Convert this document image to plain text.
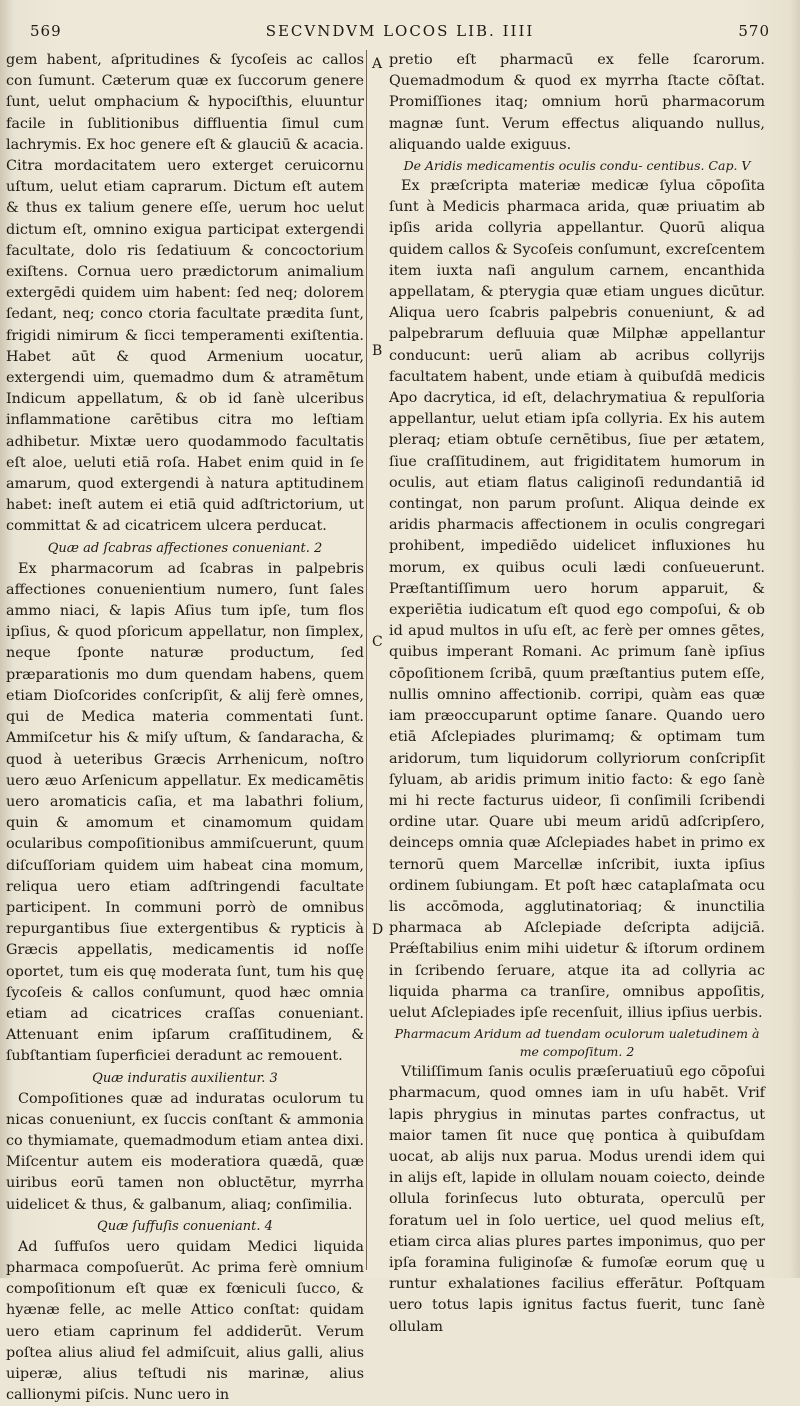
569	SECVNDVM LOCOS LIB. IIII	570

gem habent, aſpritudines & ſycoſeis ac callos con ſumunt. Cæterum quæ ex ſuccorum genere ſunt, uelut omphacium & hypociſthis, eluuntur facile in ſublitionibus diffluentia ſimul cum lachrymis. Ex hoc genere eſt & glauciū & acacia. Citra mordacitatem uero exterget ceruicornu uſtum, uelut etiam caprarum. Dictum eſt autem & thus ex talium genere eſſe, uerum hoc uelut dictum eſt, omnino exigua participat extergendi facultate, dolo ris ſedatiuum & concoctorium exiſtens. Cornua uero prædictorum animalium extergēdi quidem uim habent: ſed neq; dolorem ſedant, neq; conco ctoria facultate prædita ſunt, frigidi nimirum & ſicci temperamenti exiſtentia. Habet aūt & quod Armenium uocatur, extergendi uim, quemadmo dum & atramētum Indicum appellatum, & ob id ſanè ulceribus inflammatione carētibus citra mo leſtiam adhibetur. Mixtæ uero quodammodo facultatis eſt aloe, ueluti etiā roſa. Habet enim quid in ſe amarum, quod extergendi à natura aptitudinem habet: ineſt autem ei etiā quid adſtrictorium, ut committat & ad cicatricem ulcera perducat.

Quæ ad ſcabras affectiones conueniant. 2

Ex pharmacorum ad ſcabras in palpebris affectiones conuenientium numero, ſunt ſales ammo niaci, & lapis Aſius tum ipſe, tum flos ipſius, & quod pſoricum appellatur, non ſimplex, neque ſponte naturæ productum, ſed præparationis mo dum quendam habens, quem etiam Dioſcorides conſcripſit, & alij ferè omnes, qui de Medica materia commentati ſunt. Ammiſcetur his & miſy uſtum, & ſandaracha, & quod à ueteribus Græcis Arrhenicum, noſtro uero æuo Arſenicum appellatur. Ex medicamētis uero aromaticis caſia, et ma labathri folium, quin & amomum et cinamomum quidam ocularibus compoſitionibus ammiſcuerunt, quum diſcuſſoriam quidem uim habeat cina momum, reliqua uero etiam adſtringendi facultate participent. In communi porrò de omnibus repurgantibus ſiue extergentibus & rypticis à Græcis appellatis, medicamentis id noſſe oportet, tum eis quę moderata ſunt, tum his quę ſycoſeis & callos conſumunt, quod hæc omnia etiam ad cicatrices craſſas conueniant. Attenuant enim ipſarum craſſitudinem, & ſubſtantiam ſuperficiei deradunt ac remouent.

Quæ induratis auxilientur. 3

Compoſitiones quæ ad induratas oculorum tu nicas conueniunt, ex ſuccis conſtant & ammonia co thymiamate, quemadmodum etiam antea dixi. Miſcentur autem eis moderatiora quædā, quæ uiribus eorū tamen non obluctētur, myrrha uidelicet & thus, & galbanum, aliaq; conſimilia.

Quæ ſuffuſis conueniant. 4

Ad ſuffuſos uero quidam Medici liquida pharmaca compoſuerūt. Ac prima ferè omnium compoſitionum eſt quæ ex fœniculi ſucco, & hyænæ felle, ac melle Attico conſtat: quidam uero etiam caprinum fel addiderūt. Verum poſtea alius aliud fel admiſcuit, alius galli, alius uiperæ, alius teſtudi nis marinæ, alius callionymi piſcis. Nunc uero in

A
B
C
D

pretio eſt pharmacū ex felle ſcarorum. Quemadmodum & quod ex myrrha ſtacte cōſtat. Promiſſiones itaq; omnium horū pharmacorum magnæ ſunt. Verum effectus aliquando nullus, aliquando ualde exiguus.

De Aridis medicamentis oculis condu- centibus. Cap. V

Ex præſcripta materiæ medicæ ſylua cōpoſita ſunt à Medicis pharmaca arida, quæ priuatim ab ipſis arida collyria appellantur. Quorū aliqua quidem callos & Sycoſeis conſumunt, excreſcentem item iuxta naſi angulum carnem, encanthida appellatam, & pterygia quæ etiam ungues dicūtur. Aliqua uero ſcabris palpebris conueniunt, & ad palpebrarum defluuia quæ Milphæ appellantur conducunt: uerū aliam ab acribus collyrijs facultatem habent, unde etiam à quibuſdā medicis Apo dacrytica, id eſt, delachrymatiua & repulſoria appellantur, uelut etiam ipſa collyria. Ex his autem pleraq; etiam obtuſe cernētibus, ſiue per ætatem, ſiue craſſitudinem, aut frigiditatem humorum in oculis, aut etiam flatus caliginoſi redundantiā id contingat, non parum proſunt. Aliqua deinde ex aridis pharmacis affectionem in oculis congregari prohibent, impediēdo uidelicet influxiones hu morum, ex quibus oculi lædi conſueuerunt. Præſtantiſſimum uero horum apparuit, & experiētia iudicatum eſt quod ego compoſui, & ob id apud multos in uſu eſt, ac ferè per omnes gētes, quibus imperant Romani. Ac primum ſanè ipſius cōpoſitionem ſcribā, quum præſtantius putem eſſe, nullis omnino affectionib. corripi, quàm eas quæ iam præoccuparunt optime ſanare. Quando uero etiā Aſclepiades plurimamq; & optimam tum aridorum, tum liquidorum collyriorum conſcripſit ſyluam, ab aridis primum initio facto: & ego ſanè mi hi recte facturus uideor, ſi conſimili ſcribendi ordine utar. Quare ubi meum aridū adſcripſero, deinceps omnia quæ Aſclepiades habet in primo ex ternorū quem Marcellæ inſcribit, iuxta ipſius ordinem ſubiungam. Et poſt hæc cataplaſmata ocu lis accōmoda, agglutinatoriaq; & inunctilia pharmaca ab Aſclepiade deſcripta adijciā. Prǽſtabilius enim mihi uidetur & iſtorum ordinem in ſcribendo ſeruare, atque ita ad collyria ac liquida pharma ca tranſire, omnibus appoſitis, uelut Aſclepiades ipſe recenſuit, illius ipſius uerbis.

Pharmacum Aridum ad tuendam oculorum ualetudinem à me compoſitum. 2

Vtiliſſimum ſanis oculis præſeruatiuū ego cōpoſui pharmacum, quod omnes iam in uſu habēt. Vrif lapis phrygius in minutas partes confractus, ut maior tamen ſit nuce quę pontica à quibuſdam uocat, ab alijs nux parua. Modus urendi idem qui in alijs eſt, lapide in ollulam nouam coiecto, deinde ollula forinſecus luto obturata, operculū per foratum uel in ſolo uertice, uel quod melius eſt, etiam circa alias plures partes imponimus, quo per ipſa foramina fuliginoſæ & fumoſæ eorum quę u runtur exhalationes facilius efferātur. Poſtquam uero totus lapis ignitus factus fuerit, tunc ſanè ollulam
